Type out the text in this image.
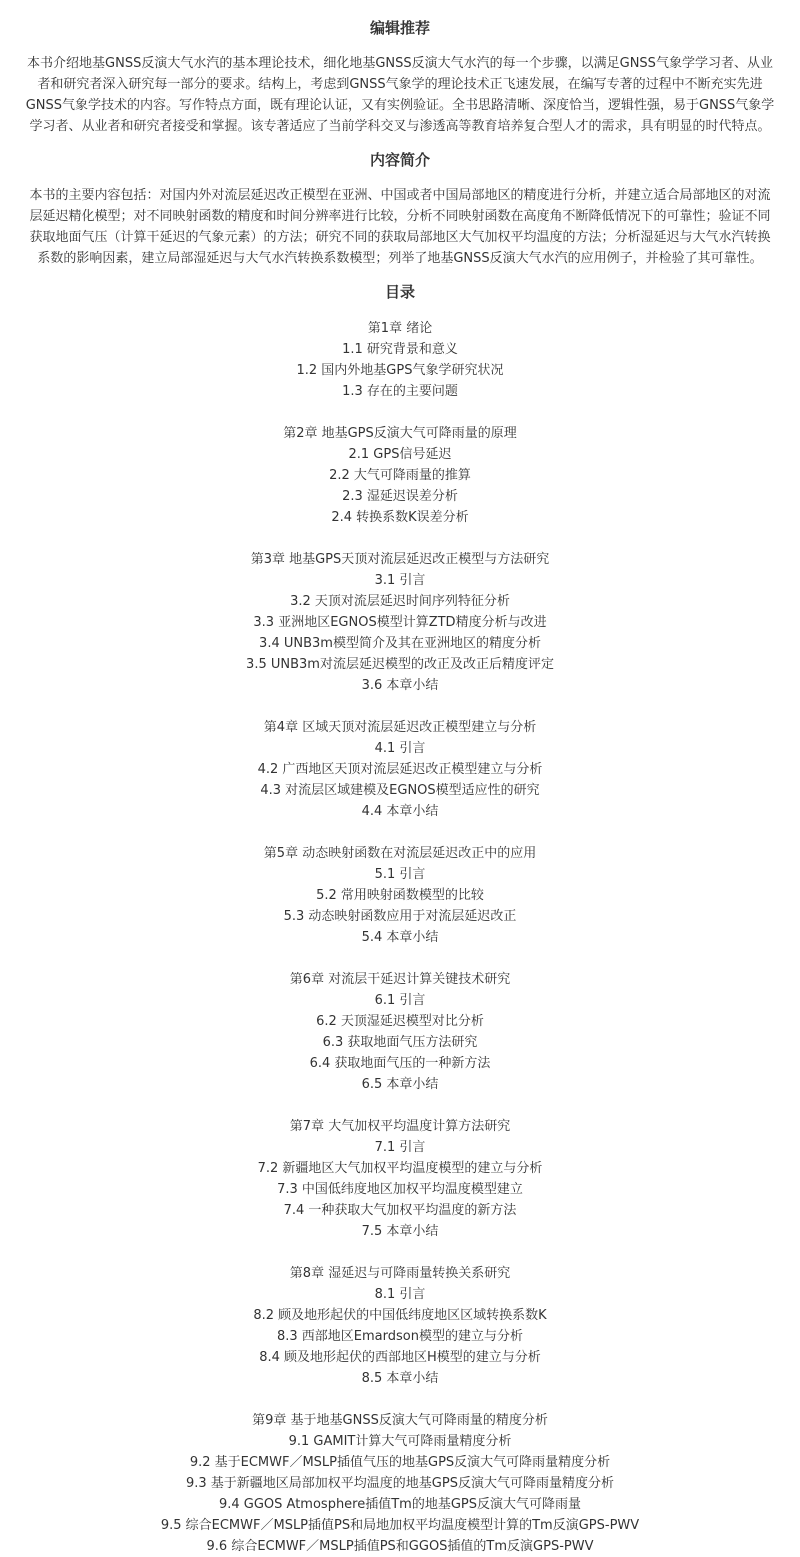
编辑推荐
本书介绍地基GNSS反演大气水汽的基本理论技术，细化地基GNSS反演大气水汽的每一个步骤，以满足GNSS气象学学习者、从业
者和研究者深入研究每一部分的要求。结构上，考虑到GNSS气象学的理论技术正飞速发展，在编写专著的过程中不断充实先进
GNSS气象学技术的内容。写作特点方面，既有理论认证，又有实例验证。全书思路清晰、深度恰当，逻辑性强，易于GNSS气象学
学习者、从业者和研究者接受和掌握。该专著适应了当前学科交叉与渗透高等教育培养复合型人才的需求，具有明显的时代特点。
内容简介
本书的主要内容包括：对国内外对流层延迟改正模型在亚洲、中国或者中国局部地区的精度进行分析，并建立适合局部地区的对流
层延迟精化模型；对不同映射函数的精度和时间分辨率进行比较，分析不同映射函数在高度角不断降低情况下的可靠性；验证不同
获取地面气压（计算干延迟的气象元素）的方法；研究不同的获取局部地区大气加权平均温度的方法；分析湿延迟与大气水汽转换
系数的影响因素，建立局部湿延迟与大气水汽转换系数模型；列举了地基GNSS反演大气水汽的应用例子，并检验了其可靠性。
目录
第1章 绪论
1.1 研究背景和意义
1.2 国内外地基GPS气象学研究状况
1.3 存在的主要问题
第2章 地基GPS反演大气可降雨量的原理
2.1 GPS信号延迟
2.2 大气可降雨量的推算
2.3 湿延迟误差分析
2.4 转换系数K误差分析
第3章 地基GPS天顶对流层延迟改正模型与方法研究
3.1 引言
3.2 天顶对流层延迟时间序列特征分析
3.3 亚洲地区EGNOS模型计算ZTD精度分析与改进
3.4 UNB3m模型简介及其在亚洲地区的精度分析
3.5 UNB3m对流层延迟模型的改正及改正后精度评定
3.6 本章小结
第4章 区域天顶对流层延迟改正模型建立与分析
4.1 引言
4.2 广西地区天顶对流层延迟改正模型建立与分析
4.3 对流层区域建模及EGNOS模型适应性的研究
4.4 本章小结
第5章 动态映射函数在对流层延迟改正中的应用
5.1 引言
5.2 常用映射函数模型的比较
5.3 动态映射函数应用于对流层延迟改正
5.4 本章小结
第6章 对流层干延迟计算关键技术研究
6.1 引言
6.2 天顶湿延迟模型对比分析
6.3 获取地面气压方法研究
6.4 获取地面气压的一种新方法
6.5 本章小结
第7章 大气加权平均温度计算方法研究
7.1 引言
7.2 新疆地区大气加权平均温度模型的建立与分析
7.3 中国低纬度地区加权平均温度模型建立
7.4 一种获取大气加权平均温度的新方法
7.5 本章小结
第8章 湿延迟与可降雨量转换关系研究
8.1 引言
8.2 顾及地形起伏的中国低纬度地区区域转换系数K
8.3 西部地区Emardson模型的建立与分析
8.4 顾及地形起伏的西部地区H模型的建立与分析
8.5 本章小结
第9章 基于地基GNSS反演大气可降雨量的精度分析
9.1 GAMIT计算大气可降雨量精度分析
9.2 基于ECMWF／MSLP插值气压的地基GPS反演大气可降雨量精度分析
9.3 基于新疆地区局部加权平均温度的地基GPS反演大气可降雨量精度分析
9.4 GGOS Atmosphere插值Tm的地基GPS反演大气可降雨量
9.5 综合ECMWF／MSLP插值PS和局地加权平均温度模型计算的Tm反演GPS-PWV
9.6 综合ECMWF／MSLP插值PS和GGOS插值的Tm反演GPS-PWV
